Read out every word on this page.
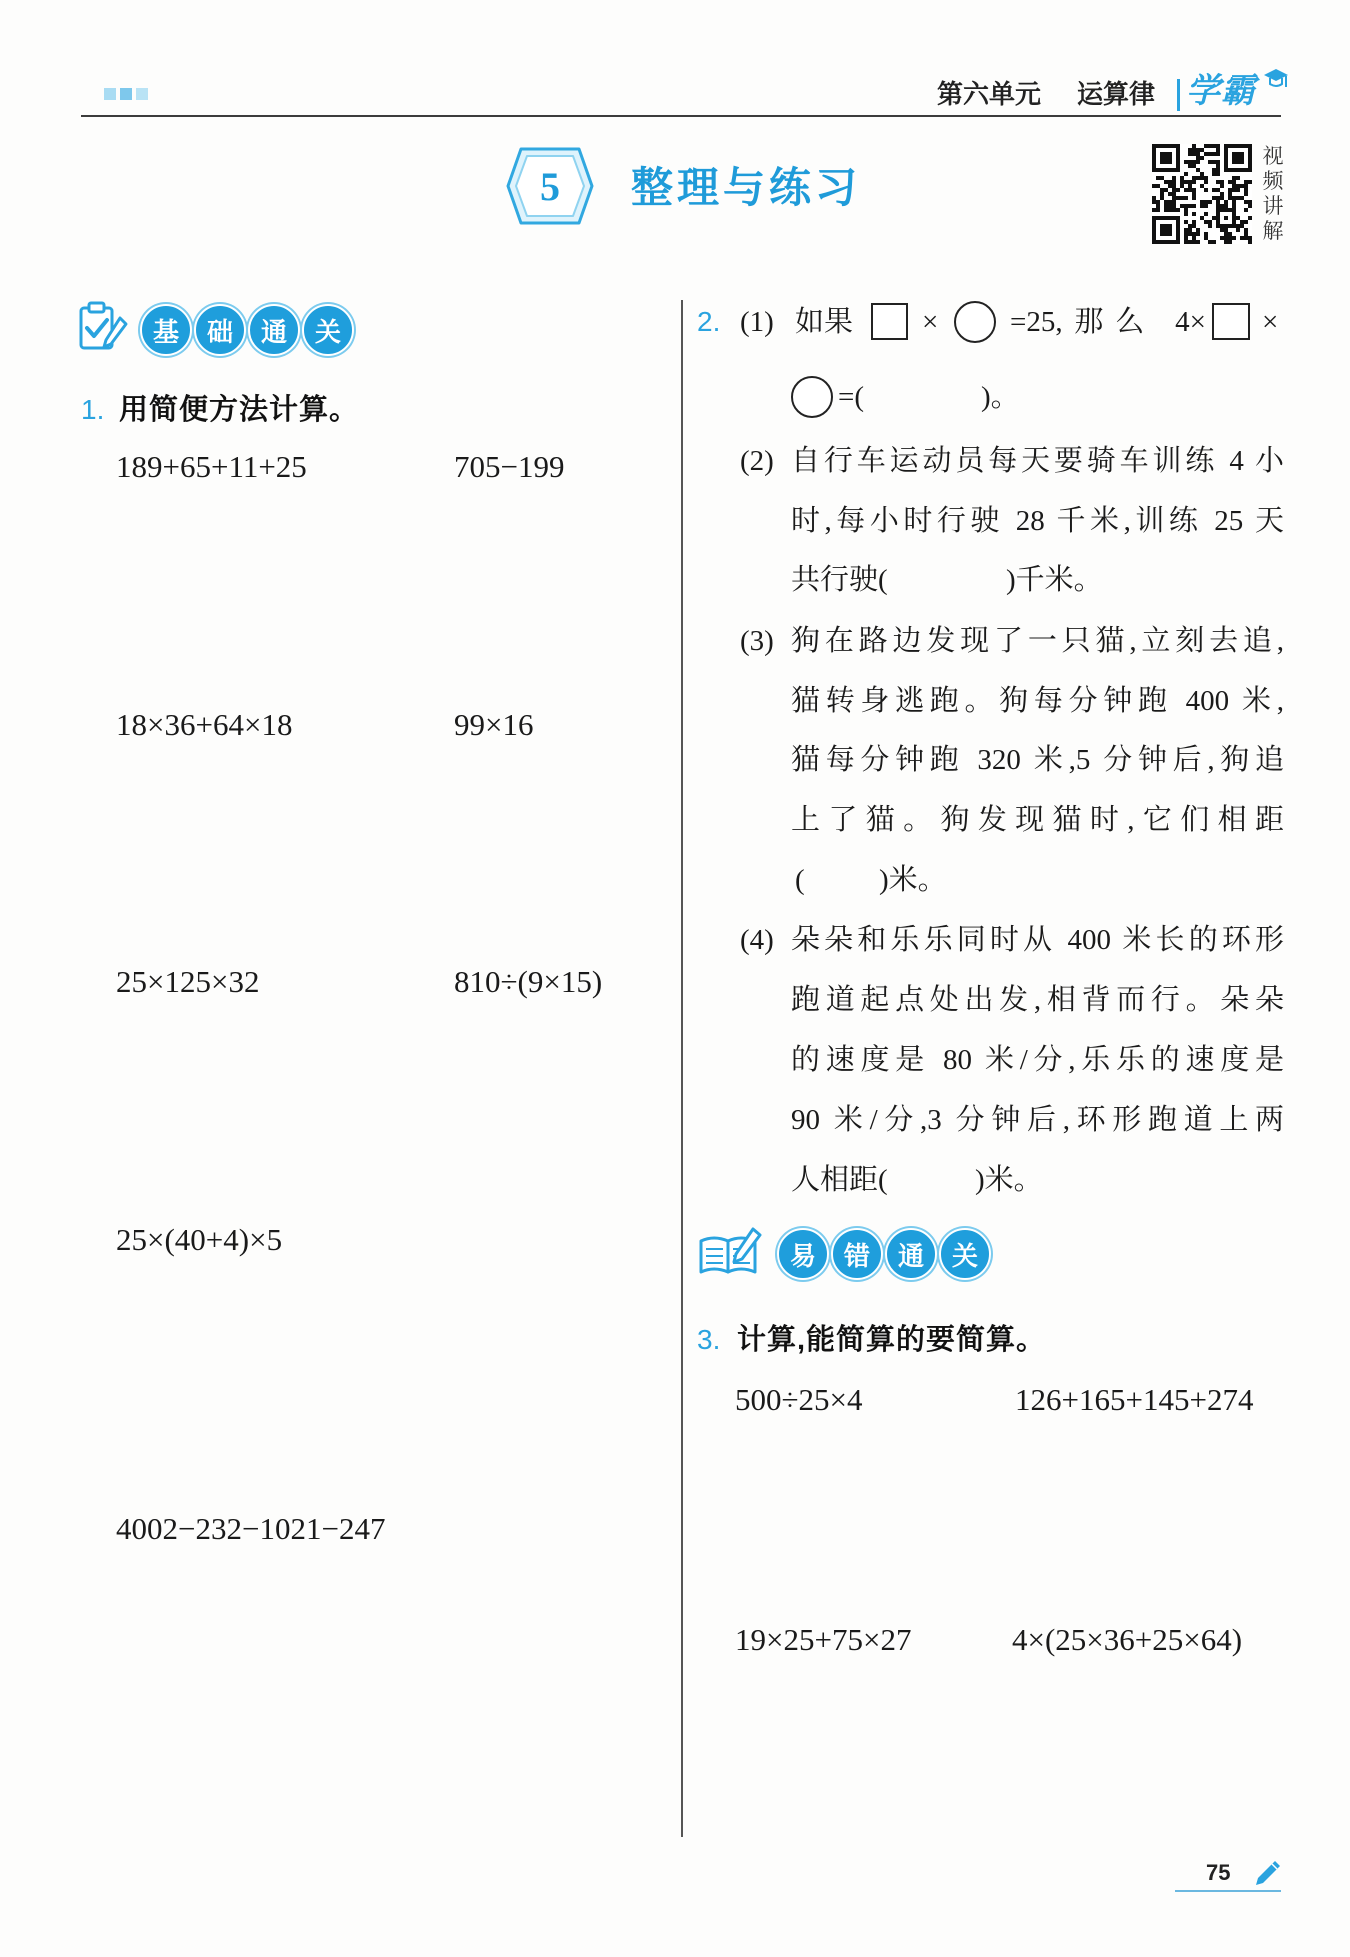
第六单元 运算律 学霸
5	整理与练习
视
频
讲
解
基	础	通	关
1. 用简便方法计算。
189+65+11+25	705−199
18×36+64×18	99×16
25×125×32	810÷(9×15)
25×(40+4)×5
4002−232−1021−247
2. (1) 如果 × =25,那么 4× ×
=(	)。
(2) 自行车运动员每天要骑车训练 4 小
时,每小时行驶 28 千米,训练 25 天
共行驶(	)千米。
(3) 狗在路边发现了一只猫,立刻去追,
猫转身逃跑。狗每分钟跑 400 米,
猫每分钟跑 320 米,5 分钟后,狗追
上了猫。狗发现猫时,它们相距
(	)米。
(4) 朵朵和乐乐同时从 400 米长的环形
跑道起点处出发,相背而行。朵朵
的速度是 80 米/分,乐乐的速度是
90 米/分,3 分钟后,环形跑道上两
人相距(	)米。
易	错	通	关
3. 计算,能简算的要简算。
500÷25×4	126+165+145+274
19×25+75×27	4×(25×36+25×64)
75
